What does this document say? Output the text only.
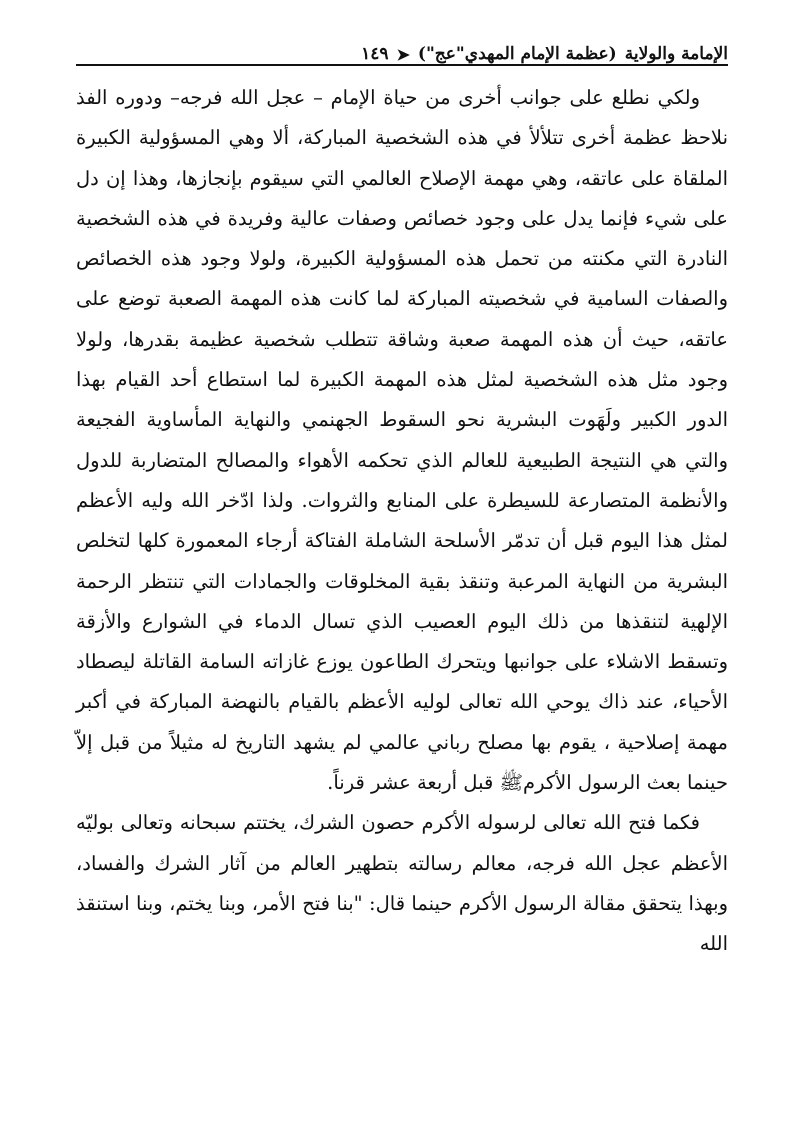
الإمامة والولاية
(عظمة الإمام المهدي"عج")
➤
١٤٩

ولكي نطلع على جوانب أخرى من حياة الإمام – عجل الله فرجه– ودوره الفذ نلاحظ عظمة أخرى تتلألأ في هذه الشخصية المباركة، ألا وهي المسؤولية الكبيرة الملقاة على عاتقه، وهي مهمة الإصلاح العالمي التي سيقوم بإنجازها، وهذا إن دل على شيء فإنما يدل على وجود خصائص وصفات عالية وفريدة في هذه الشخصية النادرة التي مكنته من تحمل هذه المسؤولية الكبيرة، ولولا وجود هذه الخصائص والصفات السامية في شخصيته المباركة لما كانت هذه المهمة الصعبة توضع على عاتقه، حيث أن هذه المهمة صعبة وشاقة تتطلب شخصية عظيمة بقدرها، ولولا وجود مثل هذه الشخصية لمثل هذه المهمة الكبيرة لما استطاع أحد القيام بهذا الدور الكبير ولَهَوت البشرية نحو السقوط الجهنمي والنهاية المأساوية الفجيعة والتي هي النتيجة الطبيعية للعالم الذي تحكمه الأهواء والمصالح المتضاربة للدول والأنظمة المتصارعة للسيطرة على المنابع والثروات. ولذا ادّخر الله وليه الأعظم لمثل هذا اليوم قبل أن تدمّر الأسلحة الشاملة الفتاكة أرجاء المعمورة كلها لتخلص البشرية من النهاية المرعبة وتنقذ بقية المخلوقات والجمادات التي تنتظر الرحمة الإلهية لتنقذها من ذلك اليوم العصيب الذي تسال الدماء في الشوارع والأزقة وتسقط الاشلاء على جوانبها ويتحرك الطاعون يوزع غازاته السامة القاتلة ليصطاد الأحياء، عند ذاك يوحي الله تعالى لوليه الأعظم بالقيام بالنهضة المباركة في أكبر مهمة إصلاحية ، يقوم بها مصلح رباني عالمي لم يشهد التاريخ له مثيلاً من قبل إلاّ حينما بعث الرسول الأكرمﷺ قبل أربعة عشر قرناً.

فكما فتح الله تعالى لرسوله الأكرم حصون الشرك، يختتم سبحانه وتعالى بوليّه الأعظم عجل الله فرجه، معالم رسالته بتطهير العالم من آثار الشرك والفساد، وبهذا يتحقق مقالة الرسول الأكرم حينما قال: "بنا فتح الأمر، وبنا يختم، وبنا استنقذ الله
